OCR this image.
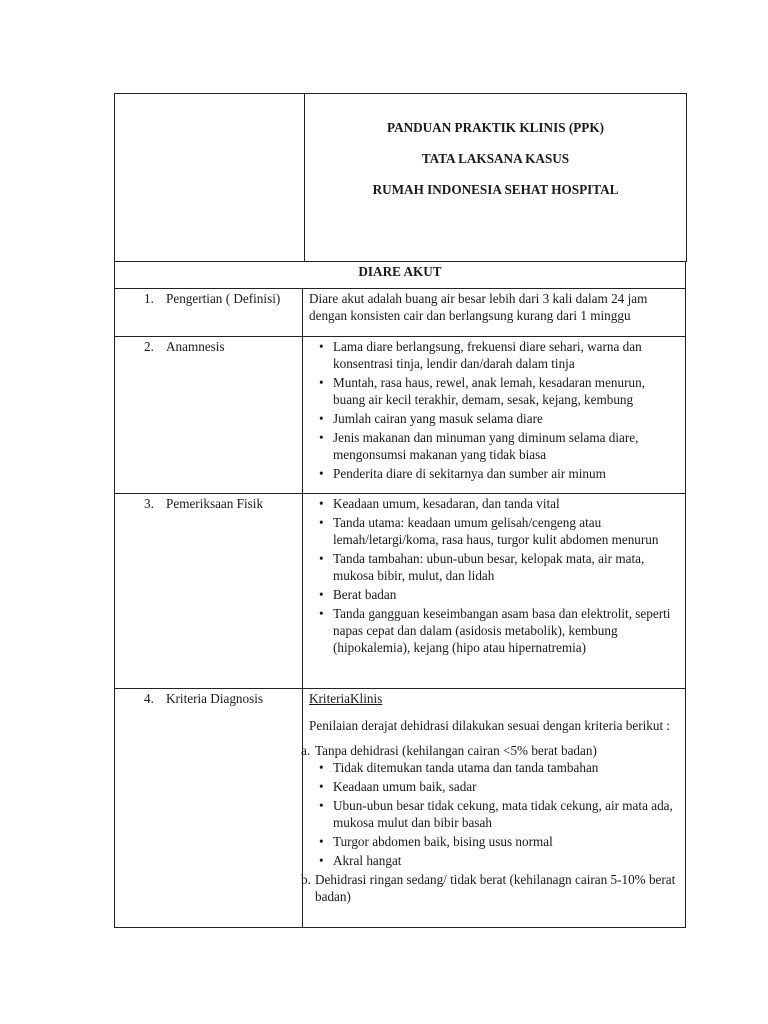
PANDUAN PRAKTIK KLINIS (PPK)
TATA LAKSANA KASUS
RUMAH INDONESIA SEHAT HOSPITAL
DIARE AKUT
1. Pengertian ( Definisi)	Diare akut adalah buang air besar lebih dari 3 kali dalam 24 jam dengan konsisten cair dan berlangsung kurang dari 1 minggu
2. Anamnesis	• Lama diare berlangsung, frekuensi diare sehari, warna dan konsentrasi tinja, lendir dan/darah dalam tinja
• Muntah, rasa haus, rewel, anak lemah, kesadaran menurun, buang air kecil terakhir, demam, sesak, kejang, kembung
• Jumlah cairan yang masuk selama diare
• Jenis makanan dan minuman yang diminum selama diare, mengonsumsi makanan yang tidak biasa
• Penderita diare di sekitarnya dan sumber air minum
3. Pemeriksaan Fisik	• Keadaan umum, kesadaran, dan tanda vital
• Tanda utama: keadaan umum gelisah/cengeng atau lemah/letargi/koma, rasa haus, turgor kulit abdomen menurun
• Tanda tambahan: ubun-ubun besar, kelopak mata, air mata, mukosa bibir, mulut, dan lidah
• Berat badan
• Tanda gangguan keseimbangan asam basa dan elektrolit, seperti napas cepat dan dalam (asidosis metabolik), kembung (hipokalemia), kejang (hipo atau hipernatremia)
4. Kriteria Diagnosis	KriteriaKlinis
Penilaian derajat dehidrasi dilakukan sesuai dengan kriteria berikut :
a. Tanpa dehidrasi (kehilangan cairan <5% berat badan)
• Tidak ditemukan tanda utama dan tanda tambahan
• Keadaan umum baik, sadar
• Ubun-ubun besar tidak cekung, mata tidak cekung, air mata ada, mukosa mulut dan bibir basah
• Turgor abdomen baik, bising usus normal
• Akral hangat
b. Dehidrasi ringan sedang/ tidak berat (kehilanagn cairan 5-10% berat badan)
